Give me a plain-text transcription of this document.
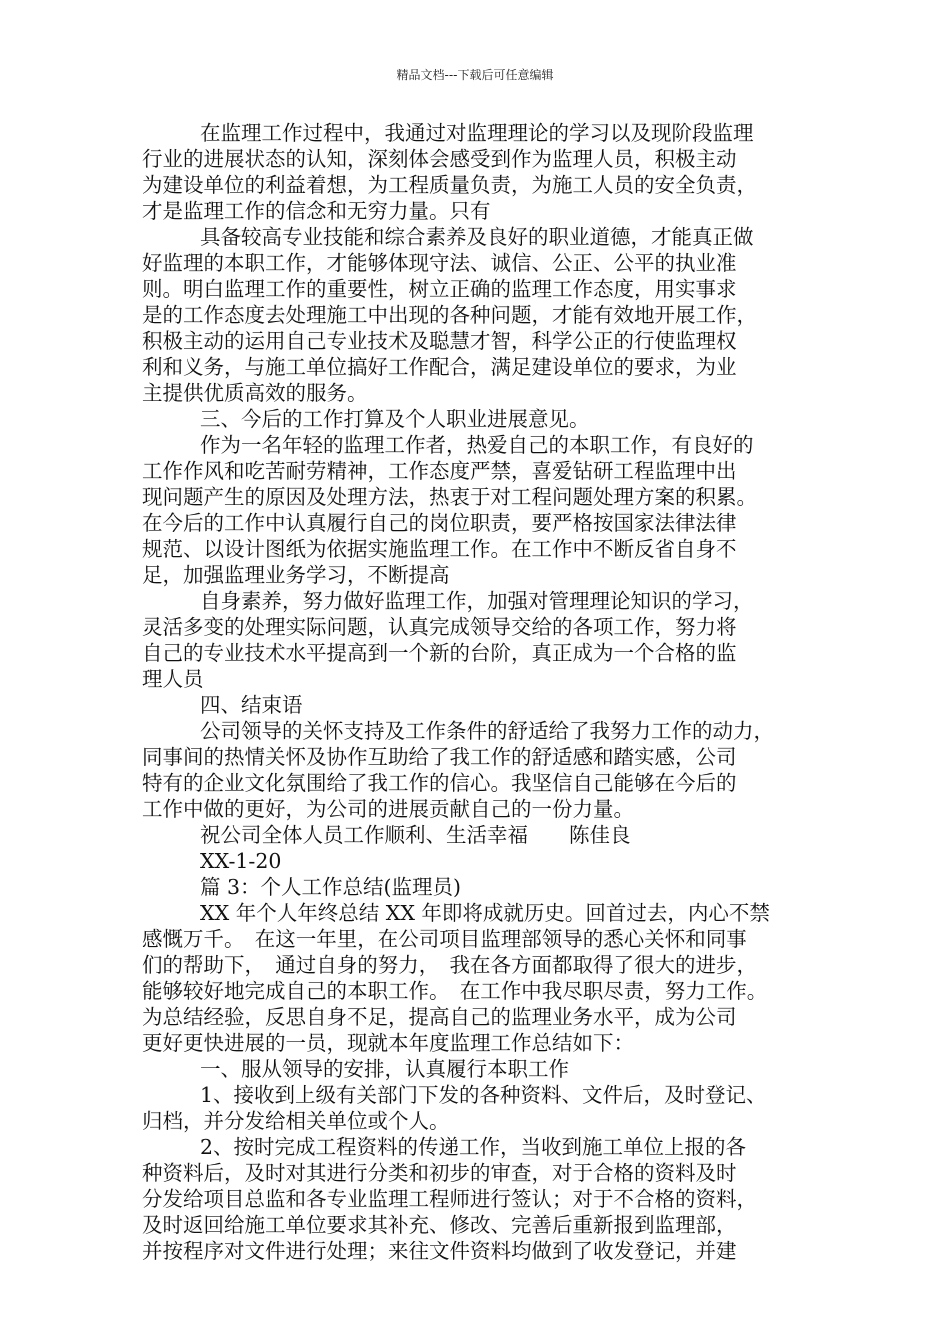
精品文档---下载后可任意编辑
在监理工作过程中，我通过对监理理论的学习以及现阶段监理
行业的进展状态的认知，深刻体会感受到作为监理人员，积极主动
为建设单位的利益着想，为工程质量负责，为施工人员的安全负责，
才是监理工作的信念和无穷力量。只有
具备较高专业技能和综合素养及良好的职业道德，才能真正做
好监理的本职工作，才能够体现守法、诚信、公正、公平的执业准
则。明白监理工作的重要性，树立正确的监理工作态度，用实事求
是的工作态度去处理施工中出现的各种问题，才能有效地开展工作，
积极主动的运用自己专业技术及聪慧才智，科学公正的行使监理权
利和义务，与施工单位搞好工作配合，满足建设单位的要求，为业
主提供优质高效的服务。
三、今后的工作打算及个人职业进展意见。
作为一名年轻的监理工作者，热爱自己的本职工作，有良好的
工作作风和吃苦耐劳精神，工作态度严禁，喜爱钻研工程监理中出
现问题产生的原因及处理方法，热衷于对工程问题处理方案的积累。
在今后的工作中认真履行自己的岗位职责，要严格按国家法律法律
规范、以设计图纸为依据实施监理工作。在工作中不断反省自身不
足，加强监理业务学习，不断提高
自身素养，努力做好监理工作，加强对管理理论知识的学习，
灵活多变的处理实际问题，认真完成领导交给的各项工作，努力将
自己的专业技术水平提高到一个新的台阶，真正成为一个合格的监
理人员
四、结束语
公司领导的关怀支持及工作条件的舒适给了我努力工作的动力，
同事间的热情关怀及协作互助给了我工作的舒适感和踏实感，公司
特有的企业文化氛围给了我工作的信心。我坚信自己能够在今后的
工作中做的更好，为公司的进展贡献自己的一份力量。
祝公司全体人员工作顺利、生活幸福　　陈佳良
XX-1-20
篇 3：个人工作总结(监理员)
XX 年个人年终总结 XX 年即将成就历史。回首过去，内心不禁
感慨万千。　在这一年里，在公司项目监理部领导的悉心关怀和同事
们的帮助下，　通过自身的努力，　我在各方面都取得了很大的进步，
能够较好地完成自己的本职工作。　在工作中我尽职尽责，努力工作。
为总结经验，反思自身不足，提高自己的监理业务水平，成为公司
更好更快进展的一员，现就本年度监理工作总结如下：
一、服从领导的安排，认真履行本职工作
1、接收到上级有关部门下发的各种资料、文件后，及时登记、
归档，并分发给相关单位或个人。
2、按时完成工程资料的传递工作，当收到施工单位上报的各
种资料后，及时对其进行分类和初步的审查，对于合格的资料及时
分发给项目总监和各专业监理工程师进行签认；对于不合格的资料，
及时返回给施工单位要求其补充、修改、完善后重新报到监理部，
并按程序对文件进行处理；来往文件资料均做到了收发登记，并建
